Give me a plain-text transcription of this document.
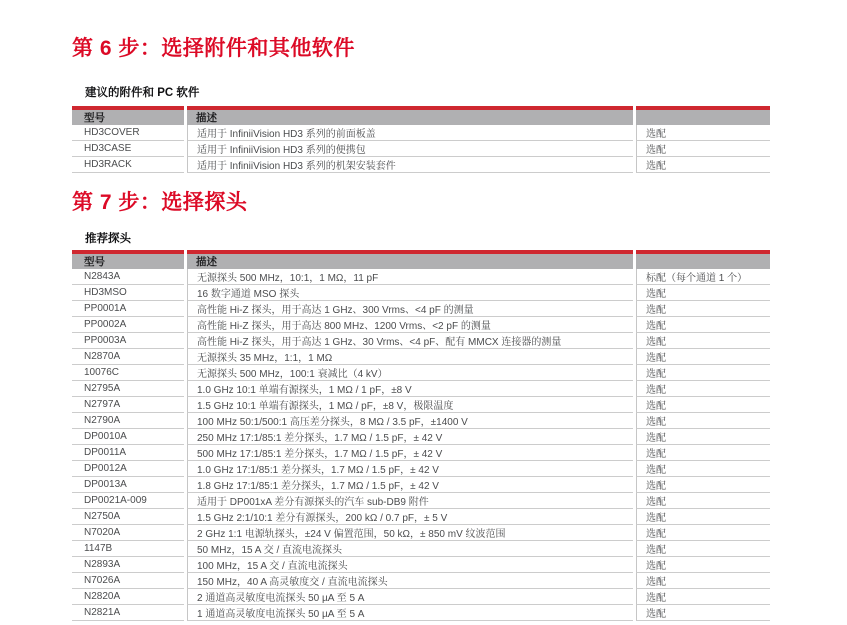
第 6 步：选择附件和其他软件
建议的附件和 PC 软件
型号	描述	
HD3COVER	适用于 InfiniiVision HD3 系列的前面板盖	选配
HD3CASE	适用于 InfiniiVision HD3 系列的便携包	选配
HD3RACK	适用于 InfiniiVision HD3 系列的机架安装套件	选配
第 7 步：选择探头
推荐探头
型号	描述	
N2843A	无源探头 500 MHz，10:1，1 MΩ，11 pF	标配（每个通道 1 个）
HD3MSO	16 数字通道 MSO 探头	选配
PP0001A	高性能 Hi-Z 探头，用于高达 1 GHz、300 Vrms、<4 pF 的测量	选配
PP0002A	高性能 Hi-Z 探头，用于高达 800 MHz、1200 Vrms、<2 pF 的测量	选配
PP0003A	高性能 Hi-Z 探头，用于高达 1 GHz、30 Vrms、<4 pF、配有 MMCX 连接器的测量	选配
N2870A	无源探头 35 MHz，1:1，1 MΩ	选配
10076C	无源探头 500 MHz，100:1 衰减比（4 kV）	选配
N2795A	1.0 GHz 10:1 单端有源探头，1 MΩ / 1 pF，±8 V	选配
N2797A	1.5 GHz 10:1 单端有源探头，1 MΩ / pF，±8 V，极限温度	选配
N2790A	100 MHz 50:1/500:1 高压差分探头，8 MΩ / 3.5 pF，±1400 V	选配
DP0010A	250 MHz 17:1/85:1 差分探头，1.7 MΩ / 1.5 pF，± 42 V	选配
DP0011A	500 MHz 17:1/85:1 差分探头，1.7 MΩ / 1.5 pF，± 42 V	选配
DP0012A	1.0 GHz 17:1/85:1 差分探头，1.7 MΩ / 1.5 pF，± 42 V	选配
DP0013A	1.8 GHz 17:1/85:1 差分探头，1.7 MΩ / 1.5 pF，± 42 V	选配
DP0021A-009	适用于 DP001xA 差分有源探头的汽车 sub-DB9 附件	选配
N2750A	1.5 GHz 2:1/10:1 差分有源探头，200 kΩ / 0.7 pF，± 5 V	选配
N7020A	2 GHz 1:1 电源轨探头，±24 V 偏置范围，50 kΩ，± 850 mV 纹波范围	选配
1147B	50 MHz，15 A 交 / 直流电流探头	选配
N2893A	100 MHz，15 A 交 / 直流电流探头	选配
N7026A	150 MHz，40 A 高灵敏度交 / 直流电流探头	选配
N2820A	2 通道高灵敏度电流探头 50 µA 至 5 A	选配
N2821A	1 通道高灵敏度电流探头 50 µA 至 5 A	选配
